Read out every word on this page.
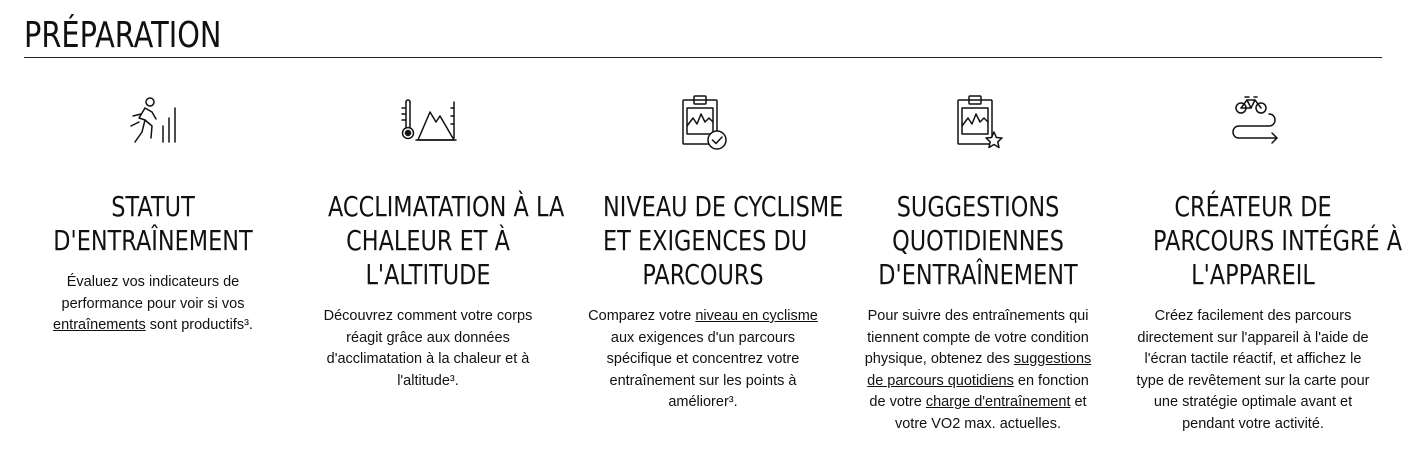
PRÉPARATION
STATUT
D'ENTRAÎNEMENT

Évaluez vos indicateurs de performance pour voir si vos entraînements sont productifs³.

ACCLIMATATION À LA
CHALEUR ET À
L'ALTITUDE

Découvrez comment votre corps réagit grâce aux données d'acclimatation à la chaleur et à l'altitude³.

NIVEAU DE CYCLISME
ET EXIGENCES DU
PARCOURS

Comparez votre niveau en cyclisme aux exigences d'un parcours spécifique et concentrez votre entraînement sur les points à améliorer³.

SUGGESTIONS
QUOTIDIENNES
D'ENTRAÎNEMENT

Pour suivre des entraînements qui tiennent compte de votre condition physique, obtenez des suggestions de parcours quotidiens en fonction de votre charge d'entraînement et votre VO2 max. actuelles.

CRÉATEUR DE
PARCOURS INTÉGRÉ À
L'APPAREIL

Créez facilement des parcours directement sur l'appareil à l'aide de l'écran tactile réactif, et affichez le type de revêtement sur la carte pour une stratégie optimale avant et pendant votre activité.
